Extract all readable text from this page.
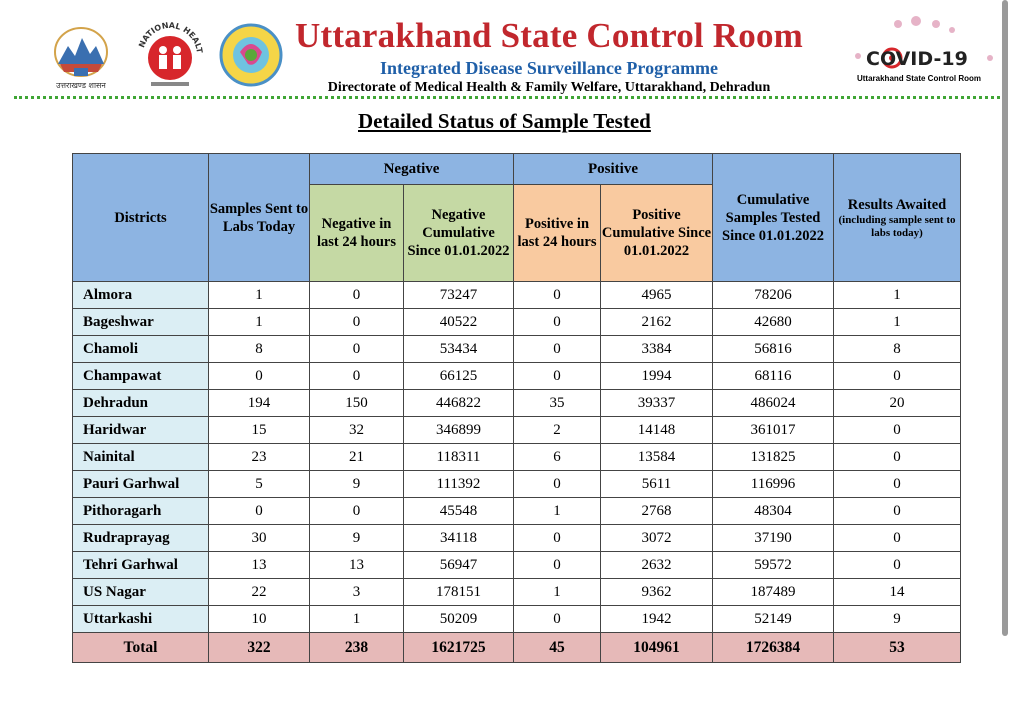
उत्तराखण्ड शासन
NATIONAL HEALT	Uttarakhand State Control Room
Integrated Disease Surveillance Programme
Directorate of Medical Health & Family Welfare, Uttarakhand, Dehradun
COVID-19
Uttarakhand State Control Room
Detailed Status of Sample Tested
Districts	Samples Sent to Labs Today	Negative		Positive		Cumulative Samples Tested Since 01.01.2022	Results Awaited
(including sample sent to labs today)

		Negative in last 24 hours	Negative Cumulative Since 01.01.2022	Positive in last 24 hours	Positive Cumulative Since 01.01.2022		
Almora	1	0	73247	0	4965	78206	1
Bageshwar	1	0	40522	0	2162	42680	1
Chamoli	8	0	53434	0	3384	56816	8
Champawat	0	0	66125	0	1994	68116	0
Dehradun	194	150	446822	35	39337	486024	20
Haridwar	15	32	346899	2	14148	361017	0
Nainital	23	21	118311	6	13584	131825	0
Pauri Garhwal	5	9	111392	0	5611	116996	0
Pithoragarh	0	0	45548	1	2768	48304	0
Rudraprayag	30	9	34118	0	3072	37190	0
Tehri Garhwal	13	13	56947	0	2632	59572	0
US Nagar	22	3	178151	1	9362	187489	14
Uttarkashi	10	1	50209	0	1942	52149	9
Total	322	238	1621725	45	104961	1726384	53
